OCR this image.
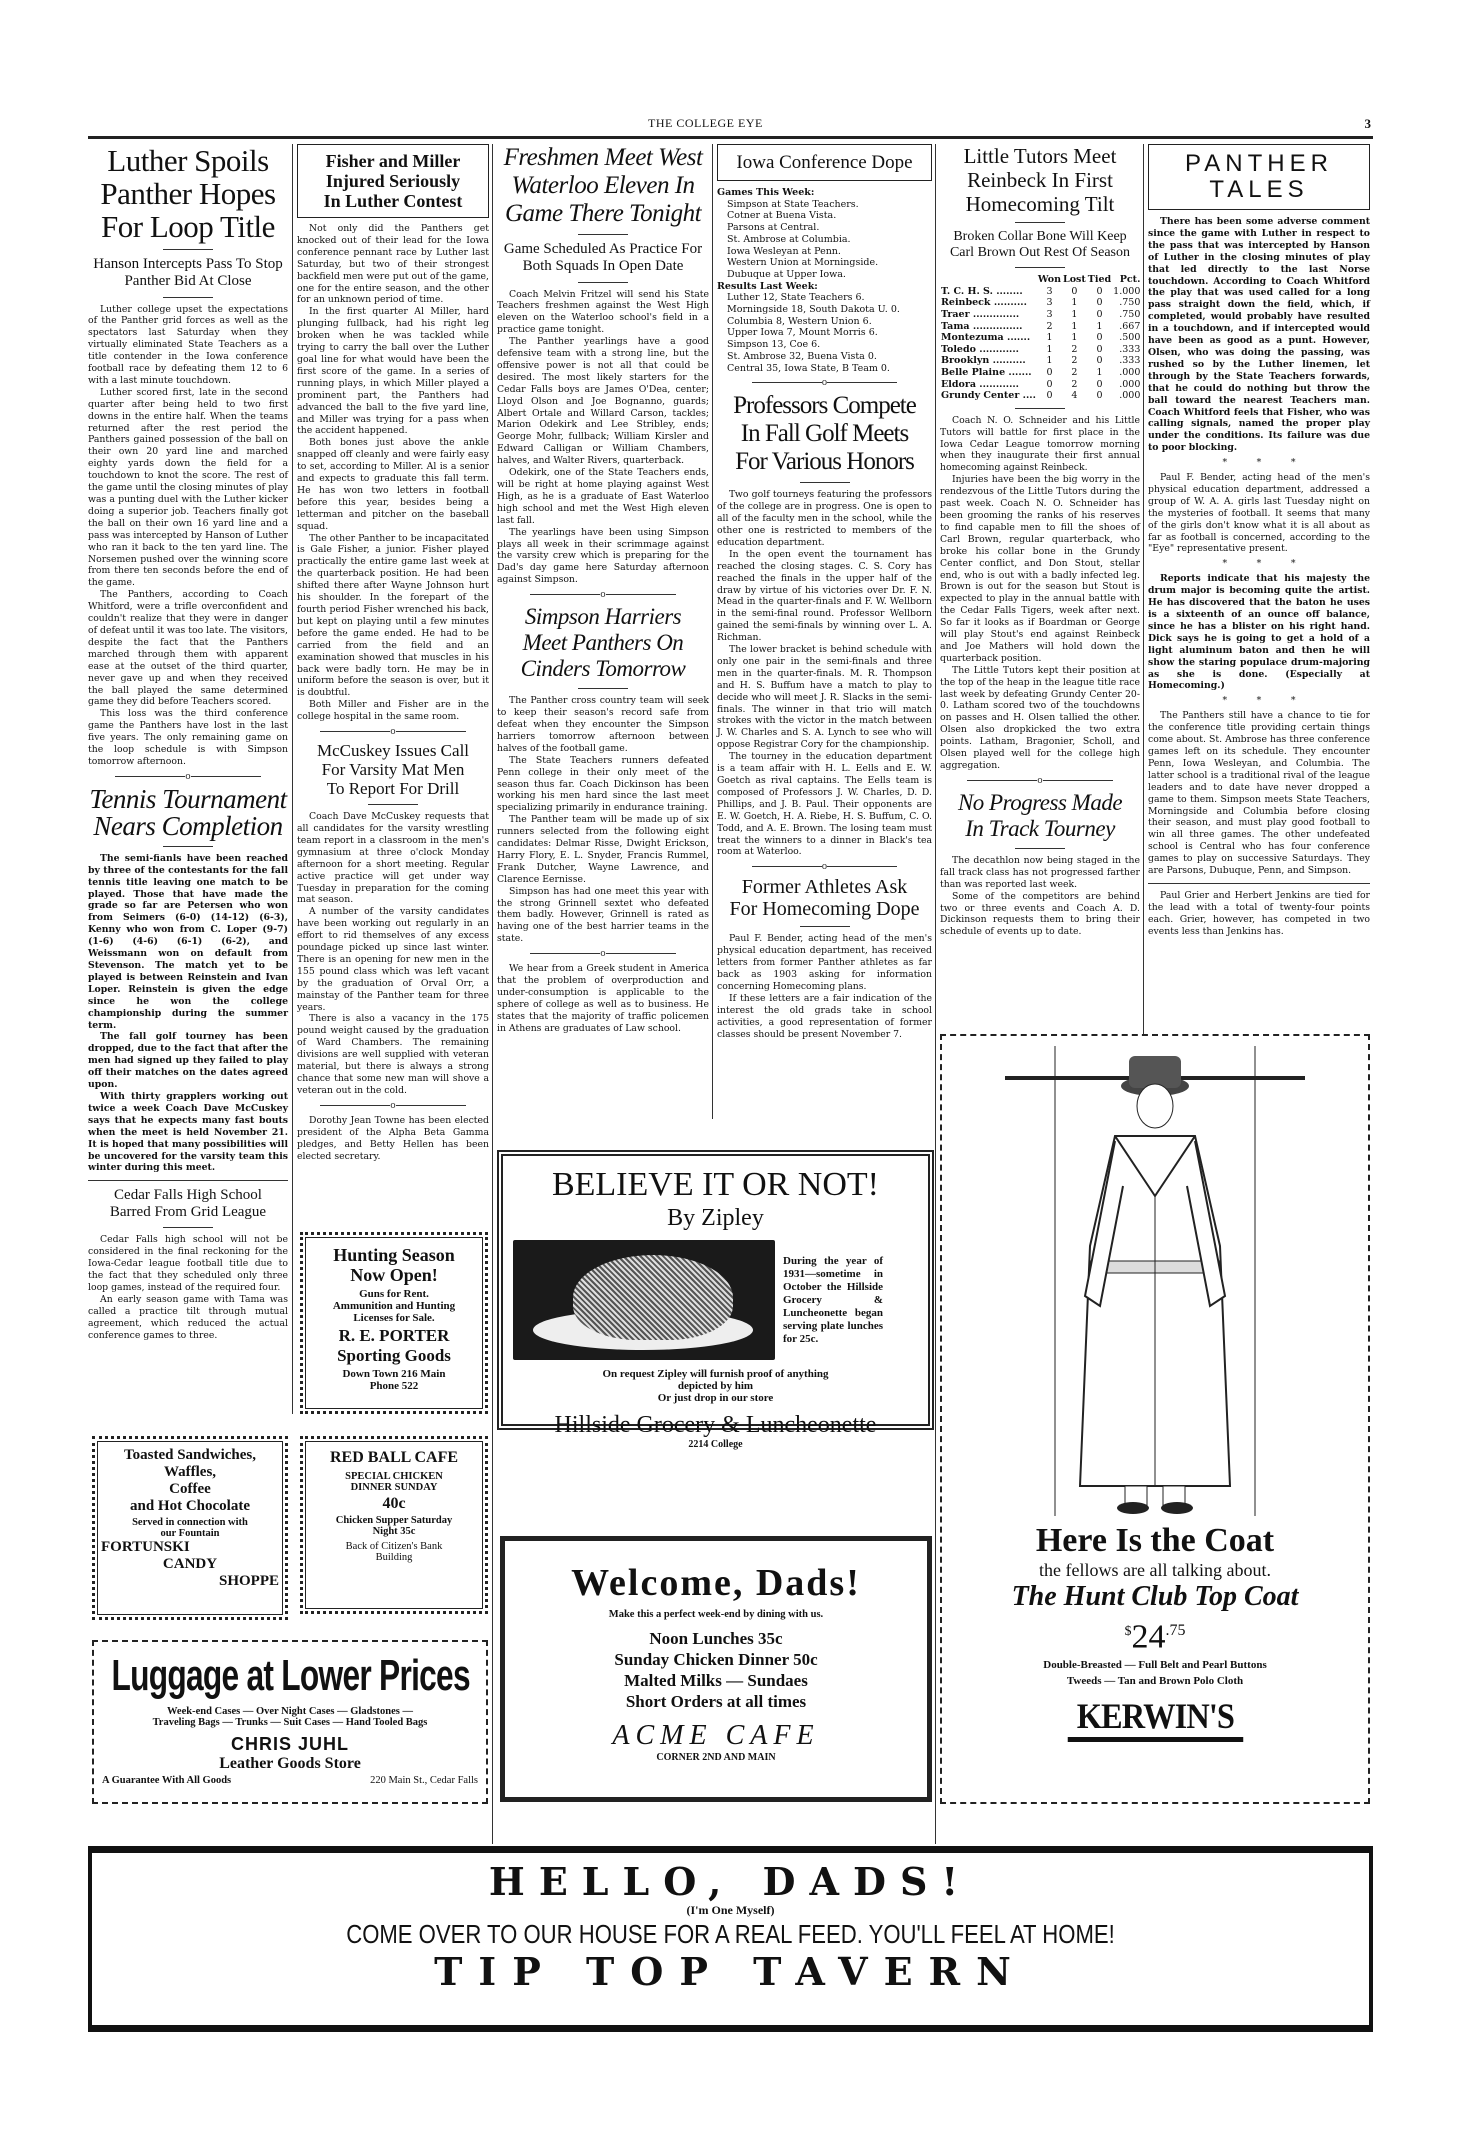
THE COLLEGE EYE	3
Luther Spoils
Panther Hopes
For Loop Title
Hanson Intercepts Pass To Stop Panther Bid At Close

Luther college upset the expectations of the Panther grid forces as well as the spectators last Saturday when they virtually eliminated State Teachers as a title contender in the Iowa conference football race by defeating them 12 to 6 with a last minute touchdown.

Luther scored first, late in the second quarter after being held to two first downs in the entire half. When the teams returned after the rest period the Panthers gained possession of the ball on their own 20 yard line and marched eighty yards down the field for a touchdown to knot the score. The rest of the game until the closing minutes of play was a punting duel with the Luther kicker doing a superior job. Teachers finally got the ball on their own 16 yard line and a pass was intercepted by Hanson of Luther who ran it back to the ten yard line. The Norsemen pushed over the winning score from there ten seconds before the end of the game.

The Panthers, according to Coach Whitford, were a trifle overconfident and couldn't realize that they were in danger of defeat until it was too late. The visitors, despite the fact that the Panthers marched through them with apparent ease at the outset of the third quarter, never gave up and when they received the ball played the same determined game they did before Teachers scored.

This loss was the third conference game the Panthers have lost in the last five years. The only remaining game on the loop schedule is with Simpson tomorrow afternoon.

o
Tennis Tournament
Nears Completion

The semi-fianls have been reached by three of the contestants for the fall tennis title leaving one match to be played. Those that have made the grade so far are Petersen who won from Seimers (6-0) (14-12) (6-3), Kenny who won from C. Loper (9-7) (1-6) (4-6) (6-1) (6-2), and Weissmann won on default from Stevenson. The match yet to be played is between Reinstein and Ivan Loper. Reinstein is given the edge since he won the college championship during the summer term.

The fall golf tourney has been dropped, due to the fact that after the men had signed up they failed to play off their matches on the dates agreed upon.

With thirty grapplers working out twice a week Coach Dave McCuskey says that he expects many fast bouts when the meet is held November 21. It is hoped that many possibilities will be uncovered for the varsity team this winter during this meet.

Cedar Falls High School
Barred From Grid League

Cedar Falls high school will not be considered in the final reckoning for the Iowa-Cedar league football title due to the fact that they scheduled only three loop games, instead of the required four.

An early season game with Tama was called a practice tilt through mutual agreement, which reduced the actual conference games to three.

Fisher and Miller
Injured Seriously
In Luther Contest

Not only did the Panthers get knocked out of their lead for the Iowa conference pennant race by Luther last Saturday, but two of their strongest backfield men were put out of the game, one for the entire season, and the other for an unknown period of time.

In the first quarter Al Miller, hard plunging fullback, had his right leg broken when he was tackled while trying to carry the ball over the Luther goal line for what would have been the first score of the game. In a series of running plays, in which Miller played a prominent part, the Panthers had advanced the ball to the five yard line, and Miller was trying for a pass when the accident happened.

Both bones just above the ankle snapped off cleanly and were fairly easy to set, according to Miller. Al is a senior and expects to graduate this fall term. He has won two letters in football before this year, besides being a letterman and pitcher on the baseball squad.

The other Panther to be incapacitated is Gale Fisher, a junior. Fisher played practically the entire game last week at the quarterback position. He had been shifted there after Wayne Johnson hurt his shoulder. In the forepart of the fourth period Fisher wrenched his back, but kept on playing until a few minutes before the game ended. He had to be carried from the field and an examination showed that muscles in his back were badly torn. He may be in uniform before the season is over, but it is doubtful.

Both Miller and Fisher are in the college hospital in the same room.

o
McCuskey Issues Call
For Varsity Mat Men
To Report For Drill

Coach Dave McCuskey requests that all candidates for the varsity wrestling team report in a classroom in the men's gymnasium at three o'clock Monday afternoon for a short meeting. Regular active practice will get under way Tuesday in preparation for the coming mat season.

A number of the varsity candidates have been working out regularly in an effort to rid themselves of any excess poundage picked up since last winter. There is an opening for new men in the 155 pound class which was left vacant by the graduation of Orval Orr, a mainstay of the Panther team for three years.

There is also a vacancy in the 175 pound weight caused by the graduation of Ward Chambers. The remaining divisions are well supplied with veteran material, but there is always a strong chance that some new man will shove a veteran out in the cold.

o

Dorothy Jean Towne has been elected president of the Alpha Beta Gamma pledges, and Betty Hellen has been elected secretary.

Hunting Season
Now Open!
Guns for Rent.
Ammunition and Hunting
Licenses for Sale.
R. E. PORTER
Sporting Goods
Down Town 216 Main
Phone 522
Toasted Sandwiches,
Waffles,
Coffee
and Hot Chocolate
Served in connection with
our Fountain
FORTUNSKI
CANDY
SHOPPE
RED BALL CAFE
SPECIAL CHICKEN
DINNER SUNDAY
40c
Chicken Supper Saturday
Night 35c
Back of Citizen's Bank
Building
Luggage at Lower Prices
Week-end Cases — Over Night Cases — Gladstones —
Traveling Bags — Trunks — Suit Cases — Hand Tooled Bags
CHRIS JUHL
Leather Goods Store
A Guarantee With All Goods	220 Main St., Cedar Falls
Freshmen Meet West
Waterloo Eleven In
Game There Tonight
Game Scheduled As Practice For Both Squads In Open Date

Coach Melvin Fritzel will send his State Teachers freshmen against the West High eleven on the Waterloo school's field in a practice game tonight.

The Panther yearlings have a good defensive team with a strong line, but the offensive power is not all that could be desired. The most likely starters for the Cedar Falls boys are James O'Dea, center; Lloyd Olson and Joe Bognanno, guards; Albert Ortale and Willard Carson, tackles; Marion Odekirk and Lee Stribley, ends; George Mohr, fullback; William Kirsler and Edward Calligan or William Chambers, halves, and Walter Rivers, quarterback.

Odekirk, one of the State Teachers ends, will be right at home playing against West High, as he is a graduate of East Waterloo high school and met the West High eleven last fall.

The yearlings have been using Simpson plays all week in their scrimmage against the varsity crew which is preparing for the Dad's day game here Saturday afternoon against Simpson.

o
Simpson Harriers
Meet Panthers On
Cinders Tomorrow

The Panther cross country team will seek to keep their season's record safe from defeat when they encounter the Simpson harriers tomorrow afternoon between halves of the football game.

The State Teachers runners defeated Penn college in their only meet of the season thus far. Coach Dickinson has been working his men hard since the last meet specializing primarily in endurance training.

The Panther team will be made up of six runners selected from the following eight candidates: Delmar Risse, Dwight Erickson, Harry Flory, E. L. Snyder, Francis Rummel, Frank Dutcher, Wayne Lawrence, and Clarence Eernisse.

Simpson has had one meet this year with the strong Grinnell sextet who defeated them badly. However, Grinnell is rated as having one of the best harrier teams in the state.

o

We hear from a Greek student in America that the problem of overproduction and under-consumption is applicable to the sphere of college as well as to business. He states that the majority of traffic policemen in Athens are graduates of Law school.

Iowa Conference Dope
Games This Week:
Simpson at State Teachers.
Cotner at Buena Vista.
Parsons at Central.
St. Ambrose at Columbia.
Iowa Wesleyan at Penn.
Western Union at Morningside.
Dubuque at Upper Iowa.
Results Last Week:
Luther 12, State Teachers 6.
Morningside 18, South Dakota U. 0.
Columbia 8, Western Union 6.
Upper Iowa 7, Mount Morris 6.
Simpson 13, Coe 6.
St. Ambrose 32, Buena Vista 0.
Central 35, Iowa State, B Team 0.
o
Professors Compete
In Fall Golf Meets
For Various Honors

Two golf tourneys featuring the professors of the college are in progress. One is open to all of the faculty men in the school, while the other one is restricted to members of the education department.

In the open event the tournament has reached the closing stages. C. S. Cory has reached the finals in the upper half of the draw by virtue of his victories over Dr. F. N. Mead in the quarter-finals and F. W. Wellborn in the semi-final round. Professor Wellborn gained the semi-finals by winning over L. A. Richman.

The lower bracket is behind schedule with only one pair in the semi-finals and three men in the quarter-finals. M. R. Thompson and H. S. Buffum have a match to play to decide who will meet J. R. Slacks in the semi-finals. The winner in that trio will match strokes with the victor in the match between J. W. Charles and S. A. Lynch to see who will oppose Registrar Cory for the championship.

The tourney in the education department is a team affair with H. L. Eells and E. W. Goetch as rival captains. The Eells team is composed of Professors J. W. Charles, D. D. Phillips, and J. B. Paul. Their opponents are E. W. Goetch, H. A. Riebe, H. S. Buffum, C. O. Todd, and A. E. Brown. The losing team must treat the winners to a dinner in Black's tea room at Waterloo.

o
Former Athletes Ask
For Homecoming Dope

Paul F. Bender, acting head of the men's physical education department, has received letters from former Panther athletes as far back as 1903 asking for information concerning Homecoming plans.

If these letters are a fair indication of the interest the old grads take in school activities, a good representation of former classes should be present November 7.

Little Tutors Meet
Reinbeck In First
Homecoming Tilt
Broken Collar Bone Will Keep Carl Brown Out Rest Of Season
	Won	Lost	Tied	Pct.
T. C. H. S. ........	3	0	0	1.000
Reinbeck ..........	3	1	0	.750
Traer ..............	3	1	0	.750
Tama ...............	2	1	1	.667
Montezuma .......	1	1	0	.500
Toledo ............	1	2	0	.333
Brooklyn ..........	1	2	0	.333
Belle Plaine .......	0	2	1	.000
Eldora ............	0	2	0	.000
Grundy Center ....	0	4	0	.000

Coach N. O. Schneider and his Little Tutors will battle for first place in the Iowa Cedar League tomorrow morning when they inaugurate their first annual homecoming against Reinbeck.

Injuries have been the big worry in the rendezvous of the Little Tutors during the past week. Coach N. O. Schneider has been grooming the ranks of his reserves to find capable men to fill the shoes of Carl Brown, regular quarterback, who broke his collar bone in the Grundy Center conflict, and Don Stout, stellar end, who is out with a badly infected leg. Brown is out for the season but Stout is expected to play in the annual battle with the Cedar Falls Tigers, week after next. So far it looks as if Boardman or George will play Stout's end against Reinbeck and Joe Mathers will hold down the quarterback position.

The Little Tutors kept their position at the top of the heap in the league title race last week by defeating Grundy Center 20-0. Latham scored two of the touchdowns on passes and H. Olsen tallied the other. Olsen also dropkicked the two extra points. Latham, Bragonier, Scholl, and Olsen played well for the college high aggregation.

o
No Progress Made
In Track Tourney

The decathlon now being staged in the fall track class has not progressed farther than was reported last week.

Some of the competitors are behind two or three events and Coach A. D. Dickinson requests them to bring their schedule of events up to date.

PANTHER
TALES

There has been some adverse comment since the game with Luther in respect to the pass that was intercepted by Hanson of Luther in the closing minutes of play that led directly to the last Norse touchdown. According to Coach Whitford the play that was used called for a long pass straight down the field, which, if completed, would probably have resulted in a touchdown, and if intercepted would have been as good as a punt. However, Olsen, who was doing the passing, was rushed so by the Luther linemen, let through by the State Teachers forwards, that he could do nothing but throw the ball toward the nearest Teachers man. Coach Whitford feels that Fisher, who was calling signals, named the proper play under the conditions. Its failure was due to poor blocking.

*          *          *

Paul F. Bender, acting head of the men's physical education department, addressed a group of W. A. A. girls last Tuesday night on the mysteries of football. It seems that many of the girls don't know what it is all about as far as football is concerned, according to the "Eye" representative present.

*          *          *

Reports indicate that his majesty the drum major is becoming quite the artist. He has discovered that the baton he uses is a sixteenth of an ounce off balance, since he has a blister on his right hand. Dick says he is going to get a hold of a light aluminum baton and then he will show the staring populace drum-majoring as she is done. (Especially at Homecoming.)

*          *          *

The Panthers still have a chance to tie for the conference title providing certain things come about. St. Ambrose has three conference games left on its schedule. They encounter Penn, Iowa Wesleyan, and Columbia. The latter school is a traditional rival of the league leaders and to date have never dropped a game to them. Simpson meets State Teachers, Morningside and Columbia before closing their season, and must play good football to win all three games. The other undefeated school is Central who has four conference games to play on successive Saturdays. They are Parsons, Dubuque, Penn, and Simpson.

Paul Grier and Herbert Jenkins are tied for the lead with a total of twenty-four points each. Grier, however, has competed in two events less than Jenkins has.

BELIEVE IT OR NOT!
By Zipley
During the year of 1931—sometime in October the Hillside Grocery & Luncheonette began serving plate lunches for 25c.
On request Zipley will furnish proof of anything
depicted by him
Or just drop in our store
Hillside Grocery & Luncheonette
2214 College
Welcome, Dads!
Make this a perfect week-end by dining with us.
Noon Lunches 35c
Sunday Chicken Dinner 50c
Malted Milks — Sundaes
Short Orders at all times
ACME CAFE
CORNER 2ND AND MAIN
Here Is the Coat
the fellows are all talking about.
The Hunt Club Top Coat
$^{\$}24^{.75}$
Double-Breasted — Full Belt and Pearl Buttons
Tweeds — Tan and Brown Polo Cloth
KERWIN'S
HELLO, DADS!
(I'm One Myself)
COME OVER TO OUR HOUSE FOR A REAL FEED. YOU'LL FEEL AT HOME!
TIP TOP TAVERN
